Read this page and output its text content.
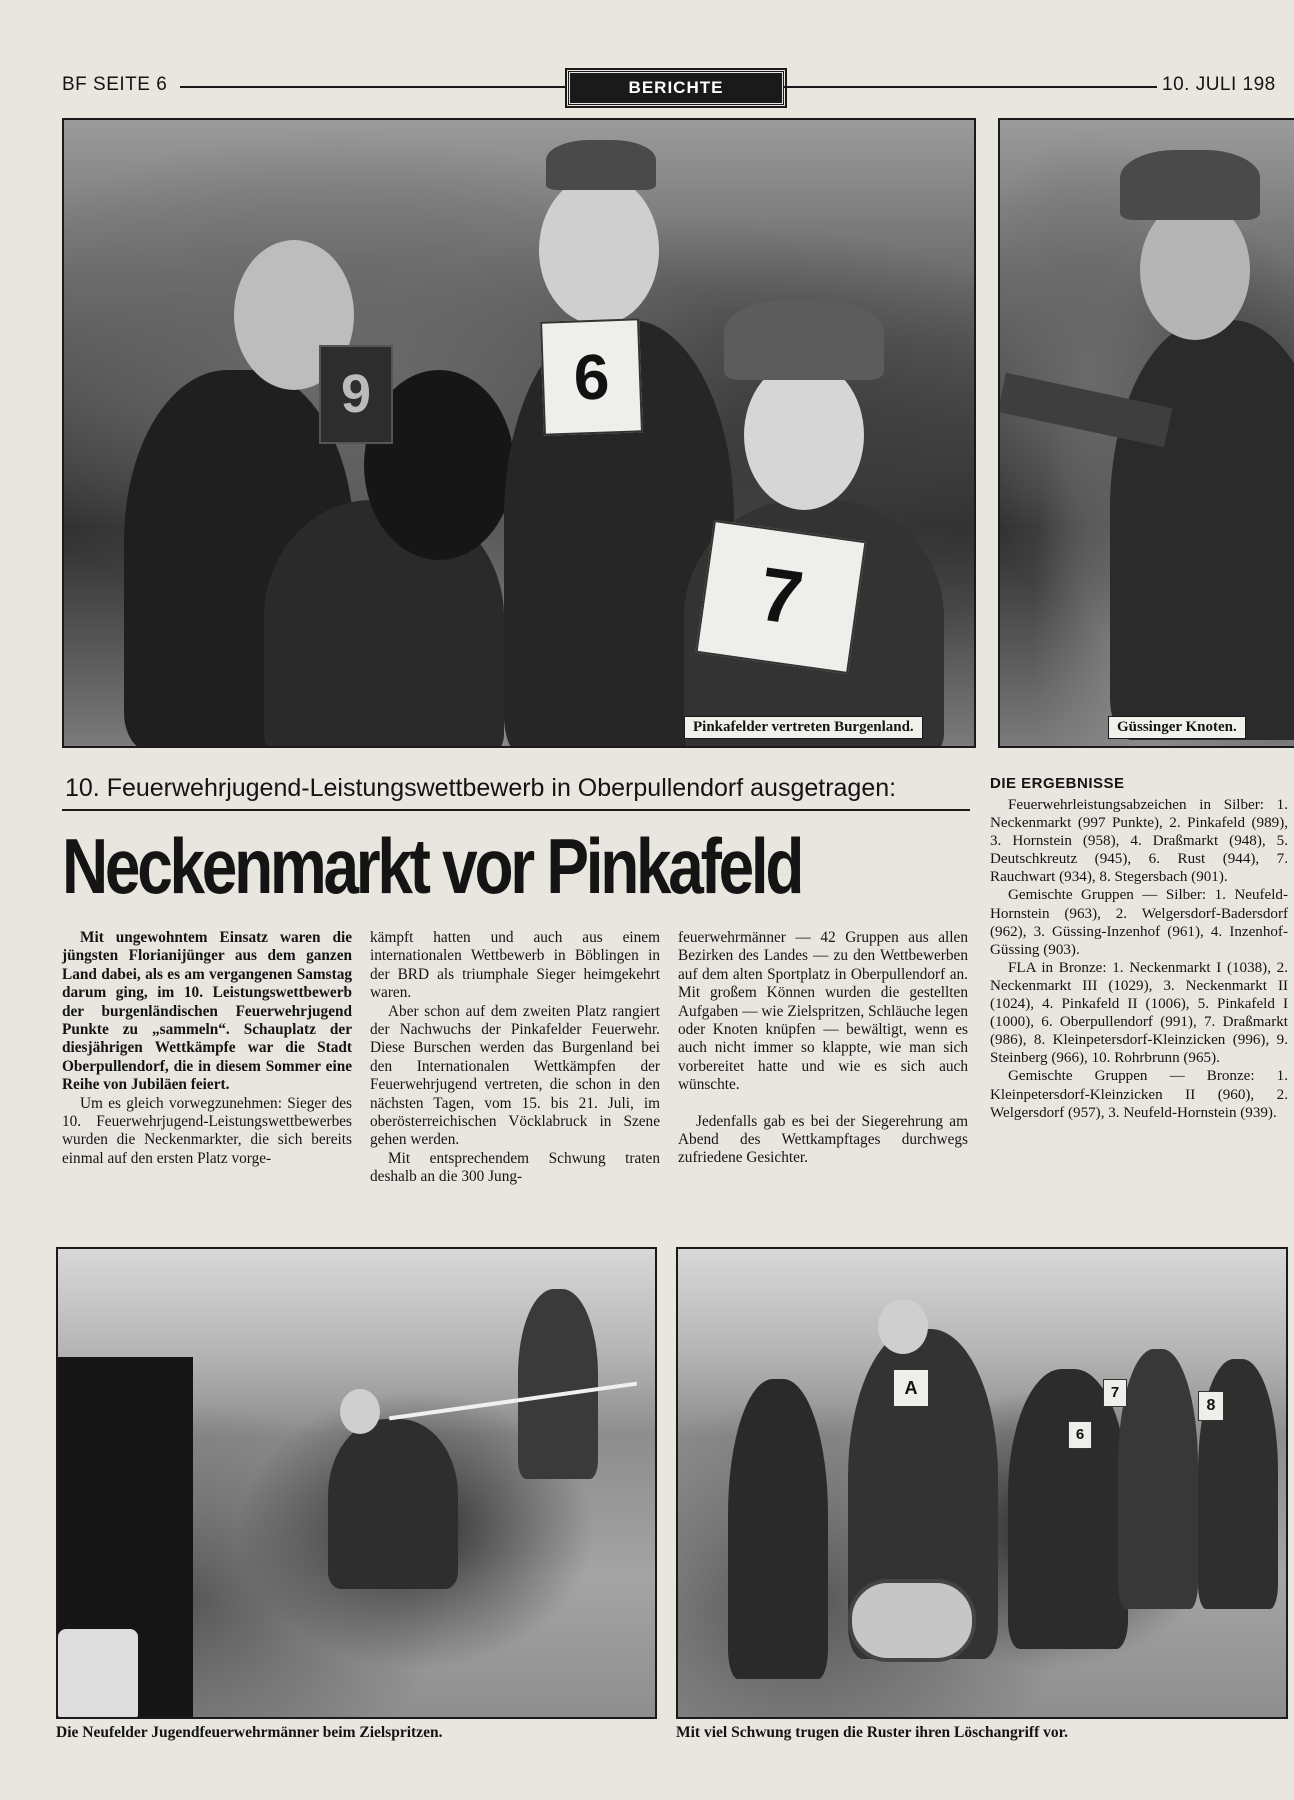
BF SEITE 6	BERICHTE	10. JULI 198
6
7
9
Pinkafelder vertreten Burgenland.	Güssinger Knoten.
10. Feuerwehrjugend-Leistungswettbewerb in Oberpullendorf ausgetragen:
Neckenmarkt vor Pinkafeld

Mit ungewohntem Einsatz waren die jüngsten Florianijünger aus dem ganzen Land dabei, als es am vergangenen Samstag darum ging, im 10. Leistungswettbewerb der burgenländischen Feuerwehrjugend Punkte zu „sammeln“. Schauplatz der diesjährigen Wettkämpfe war die Stadt Oberpullendorf, die in diesem Sommer eine Reihe von Jubiläen feiert.

Um es gleich vorwegzunehmen: Sieger des 10. Feuerwehrjugend-Leistungswettbewerbes wurden die Neckenmarkter, die sich bereits einmal auf den ersten Platz vorge-

kämpft hatten und auch aus einem internationalen Wettbewerb in Böblingen in der BRD als triumphale Sieger heimgekehrt waren.

Aber schon auf dem zweiten Platz rangiert der Nachwuchs der Pinkafelder Feuerwehr. Diese Burschen werden das Burgenland bei den Internationalen Wettkämpfen der Feuerwehrjugend vertreten, die schon in den nächsten Tagen, vom 15. bis 21. Juli, im oberösterreichischen Vöcklabruck in Szene gehen werden.

Mit entsprechendem Schwung traten deshalb an die 300 Jung-

feuerwehrmänner — 42 Gruppen aus allen Bezirken des Landes — zu den Wettbewerben auf dem alten Sportplatz in Oberpullendorf an. Mit großem Können wurden die gestellten Aufgaben — wie Zielspritzen, Schläuche legen oder Knoten knüpfen — bewältigt, wenn es auch nicht immer so klappte, wie man sich vorbereitet hatte und wie es sich auch wünschte.

Jedenfalls gab es bei der Siegerehrung am Abend des Wettkampftages durchwegs zufriedene Gesichter.

DIE ERGEBNISSE

Feuerwehrleistungsabzeichen in Silber: 1. Neckenmarkt (997 Punkte), 2. Pinkafeld (989), 3. Hornstein (958), 4. Draßmarkt (948), 5. Deutschkreutz (945), 6. Rust (944), 7. Rauchwart (934), 8. Stegersbach (901).

Gemischte Gruppen — Silber: 1. Neufeld-Hornstein (963), 2. Welgersdorf-Badersdorf (962), 3. Güssing-Inzenhof (961), 4. Inzenhof-Güssing (903).

FLA in Bronze: 1. Neckenmarkt I (1038), 2. Neckenmarkt III (1029), 3. Neckenmarkt II (1024), 4. Pinkafeld II (1006), 5. Pinkafeld I (1000), 6. Oberpullendorf (991), 7. Draßmarkt (986), 8. Kleinpetersdorf-Kleinzicken (996), 9. Steinberg (966), 10. Rohrbrunn (965).

Gemischte Gruppen — Bronze: 1. Kleinpetersdorf-Kleinzicken II (960), 2. Welgersdorf (957), 3. Neufeld-Hornstein (939).

Die Neufelder Jugendfeuerwehrmänner beim Zielspritzen.
7
6
8
A
Mit viel Schwung trugen die Ruster ihren Löschangriff vor.
